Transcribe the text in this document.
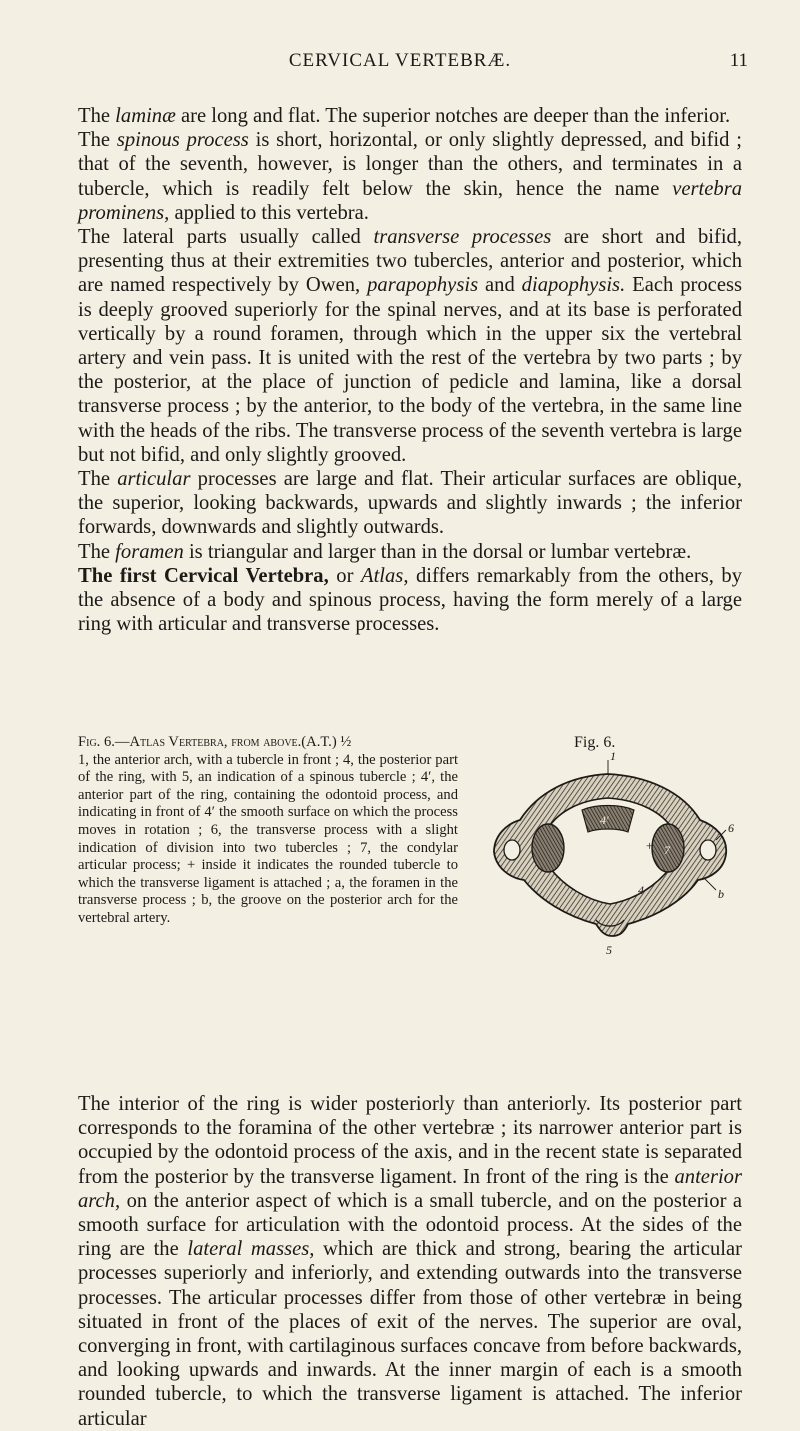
CERVICAL VERTEBRÆ.	11

The laminæ are long and flat. The superior notches are deeper than the inferior.

The spinous process is short, horizontal, or only slightly depressed, and bifid ; that of the seventh, however, is longer than the others, and terminates in a tubercle, which is readily felt below the skin, hence the name vertebra prominens, applied to this vertebra.

The lateral parts usually called transverse processes are short and bifid, presenting thus at their extremities two tubercles, anterior and posterior, which are named respectively by Owen, parapophysis and diapophysis. Each process is deeply grooved superiorly for the spinal nerves, and at its base is perforated vertically by a round foramen, through which in the upper six the vertebral artery and vein pass. It is united with the rest of the vertebra by two parts ; by the posterior, at the place of junction of pedicle and lamina, like a dorsal transverse process ; by the anterior, to the body of the vertebra, in the same line with the heads of the ribs. The transverse process of the seventh vertebra is large but not bifid, and only slightly grooved.

The articular processes are large and flat. Their articular surfaces are oblique, the superior, looking backwards, upwards and slightly inwards ; the inferior forwards, downwards and slightly outwards.

The foramen is triangular and larger than in the dorsal or lumbar vertebræ.

The first Cervical Vertebra, or Atlas, differs remarkably from the others, by the absence of a body and spinous process, having the form merely of a large ring with articular and transverse processes.

Fig. 6.—Atlas Vertebra, from above.(A.T.) ½
1, the anterior arch, with a tubercle in front ; 4, the posterior part of the ring, with 5, an indication of a spinous tubercle ; 4′, the anterior part of the ring, containing the odontoid process, and indicating in front of 4′ the smooth surface on which the process moves in rotation ; 6, the transverse process with a slight indication of division into two tubercles ; 7, the condylar articular process; + inside it indicates the rounded tubercle to which the transverse ligament is attached ; a, the foramen in the transverse process ; b, the groove on the posterior arch for the vertebral artery.
Fig. 6.
1
4′
+
6
7
4	b
5

The interior of the ring is wider posteriorly than anteriorly. Its posterior part corresponds to the foramina of the other vertebræ ; its narrower anterior part is occupied by the odontoid process of the axis, and in the recent state is separated from the posterior by the transverse ligament. In front of the ring is the anterior arch, on the anterior aspect of which is a small tubercle, and on the posterior a smooth surface for articulation with the odontoid process. At the sides of the ring are the lateral masses, which are thick and strong, bearing the articular processes superiorly and inferiorly, and extending outwards into the transverse processes. The articular processes differ from those of other vertebræ in being situated in front of the places of exit of the nerves. The superior are oval, converging in front, with cartilaginous surfaces concave from before backwards, and looking upwards and inwards. At the inner margin of each is a smooth rounded tubercle, to which the transverse ligament is attached. The inferior articular
